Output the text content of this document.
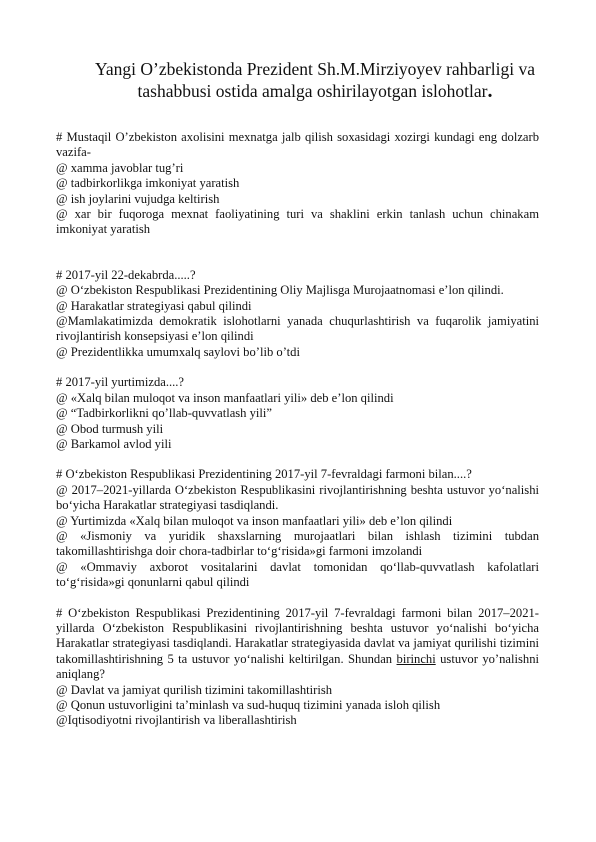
Yangi O’zbekistonda Prezident Sh.M.Mirziyoyev rahbarligi va
tashabbusi ostida amalga oshirilayotgan islohotlar.

# Mustaqil O’zbekiston axolisini mexnatga jalb qilish soxasidagi xozirgi kundagi eng dolzarb vazifa-

@ xamma javoblar tug’ri

@ tadbirkorlikga imkoniyat yaratish

@ ish joylarini vujudga keltirish

@ xar bir fuqoroga mexnat faoliyatining turi va shaklini erkin tanlash uchun chinakam imkoniyat yaratish

# 2017-yil 22-dekabrda.....?

@ O‘zbekiston Respublikasi Prezidentining Oliy Majlisga Murojaatnomasi e’lon qilindi.

@ Harakatlar strategiyasi qabul qilindi

@Mamlakatimizda demokratik islohotlarni yanada chuqurlashtirish va fuqarolik jamiyatini rivojlantirish konsepsiyasi e’lon qilindi

@ Prezidentlikka umumxalq saylovi bo’lib o’tdi

# 2017-yil yurtimizda....?

@ «Xalq bilan muloqot va inson manfaatlari yili» deb e’lon qilindi

@ “Tadbirkorlikni qo’llab-quvvatlash yili”

@ Obod turmush yili

@ Barkamol avlod yili

# O‘zbekiston Respublikasi Prezidentining 2017-yil 7-fevraldagi farmoni bilan....?

@ 2017–2021-yillarda O‘zbekiston Respublikasini rivojlantirishning beshta ustuvor yo‘nalishi bo‘yicha Harakatlar strategiyasi tasdiqlandi.

@ Yurtimizda «Xalq bilan muloqot va inson manfaatlari yili» deb e’lon qilindi

@ «Jismoniy va yuridik shaxslarning murojaatlari bilan ishlash tizimini tubdan takomillashtirishga doir chora-tadbirlar to‘g‘risida»gi farmoni imzolandi

@ «Ommaviy axborot vositalarini davlat tomonidan qo‘llab-quvvatlash kafolatlari to‘g‘risida»gi qonunlarni qabul qilindi

# O‘zbekiston Respublikasi Prezidentining 2017-yil 7-fevraldagi farmoni bilan 2017–2021-yillarda O‘zbekiston Respublikasini rivojlantirishning beshta ustuvor yo‘nalishi bo‘yicha Harakatlar strategiyasi tasdiqlandi. Harakatlar strategiyasida davlat va jamiyat qurilishi tizimini takomillashtirishning 5 ta ustuvor yo‘nalishi keltirilgan. Shundan birinchi ustuvor yo’nalishni aniqlang?

@ Davlat va jamiyat qurilish tizimini takomillashtirish

@ Qonun ustuvorligini ta’minlash va sud-huquq tizimini yanada isloh qilish

@Iqtisodiyotni rivojlantirish va liberallashtirish
